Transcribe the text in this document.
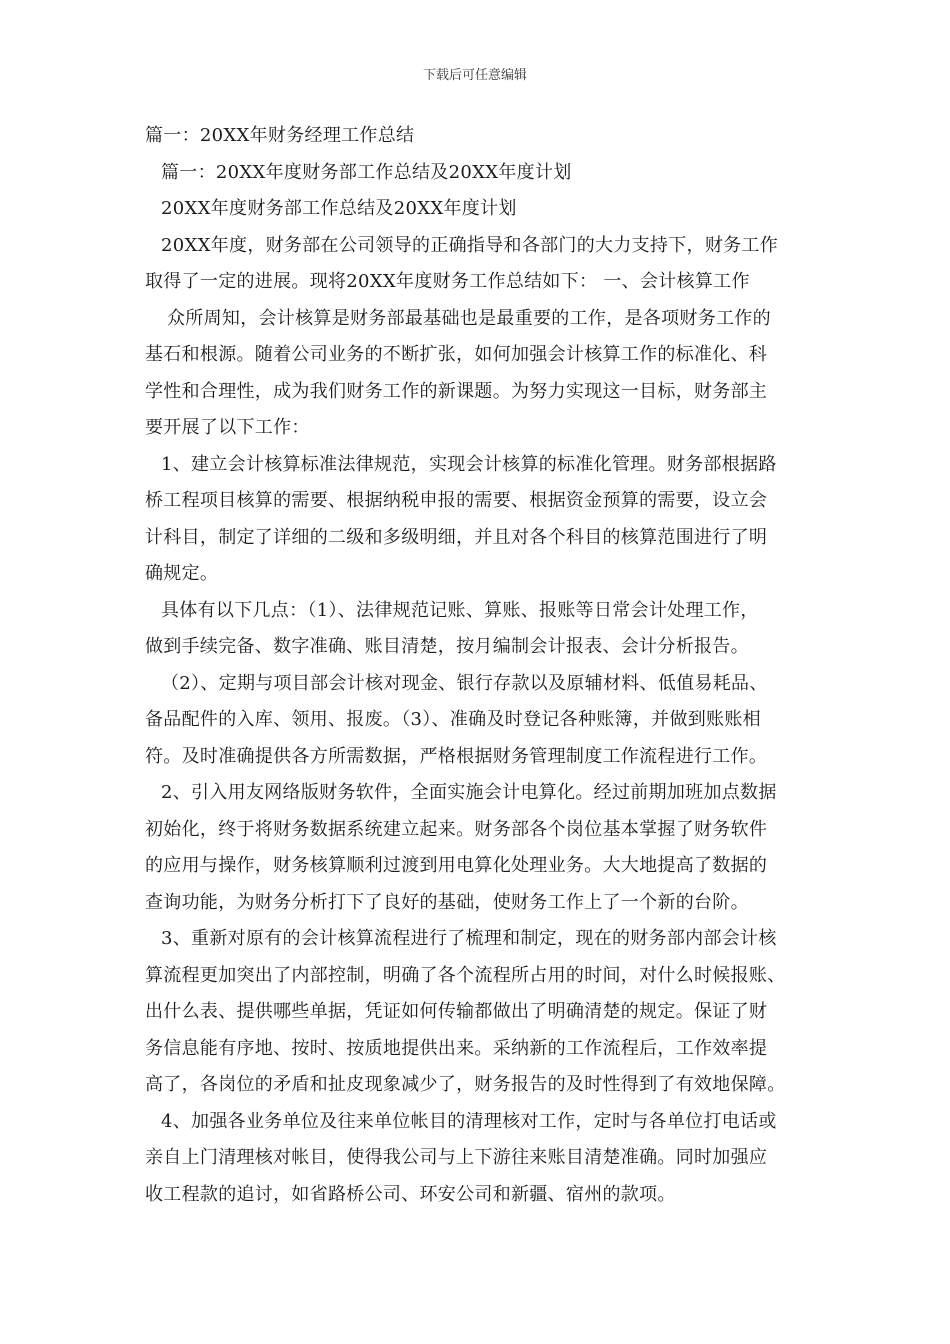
下载后可任意编辑
篇一：20XX年财务经理工作总结
篇一：20XX年度财务部工作总结及20XX年度计划
20XX年度财务部工作总结及20XX年度计划
20XX年度，财务部在公司领导的正确指导和各部门的大力支持下，财务工作
取得了一定的进展。现将20XX年度财务工作总结如下： 一、会计核算工作
众所周知，会计核算是财务部最基础也是最重要的工作，是各项财务工作的
基石和根源。随着公司业务的不断扩张，如何加强会计核算工作的标准化、科
学性和合理性，成为我们财务工作的新课题。为努力实现这一目标，财务部主
要开展了以下工作：
1、建立会计核算标准法律规范，实现会计核算的标准化管理。财务部根据路
桥工程项目核算的需要、根据纳税申报的需要、根据资金预算的需要，设立会
计科目，制定了详细的二级和多级明细，并且对各个科目的核算范围进行了明
确规定。
具体有以下几点：（1）、法律规范记账、算账、报账等日常会计处理工作，
做到手续完备、数字准确、账目清楚，按月编制会计报表、会计分析报告。
（2）、定期与项目部会计核对现金、银行存款以及原辅材料、低值易耗品、
备品配件的入库、领用、报废。（3）、准确及时登记各种账簿，并做到账账相
符。及时准确提供各方所需数据，严格根据财务管理制度工作流程进行工作。
2、引入用友网络版财务软件，全面实施会计电算化。经过前期加班加点数据
初始化，终于将财务数据系统建立起来。财务部各个岗位基本掌握了财务软件
的应用与操作，财务核算顺利过渡到用电算化处理业务。大大地提高了数据的
查询功能，为财务分析打下了良好的基础，使财务工作上了一个新的台阶。
3、重新对原有的会计核算流程进行了梳理和制定，现在的财务部内部会计核
算流程更加突出了内部控制，明确了各个流程所占用的时间，对什么时候报账、
出什么表、提供哪些单据，凭证如何传输都做出了明确清楚的规定。保证了财
务信息能有序地、按时、按质地提供出来。采纳新的工作流程后，工作效率提
高了，各岗位的矛盾和扯皮现象减少了，财务报告的及时性得到了有效地保障。
4、加强各业务单位及往来单位帐目的清理核对工作，定时与各单位打电话或
亲自上门清理核对帐目，使得我公司与上下游往来账目清楚准确。同时加强应
收工程款的追讨，如省路桥公司、环安公司和新疆、宿州的款项。
